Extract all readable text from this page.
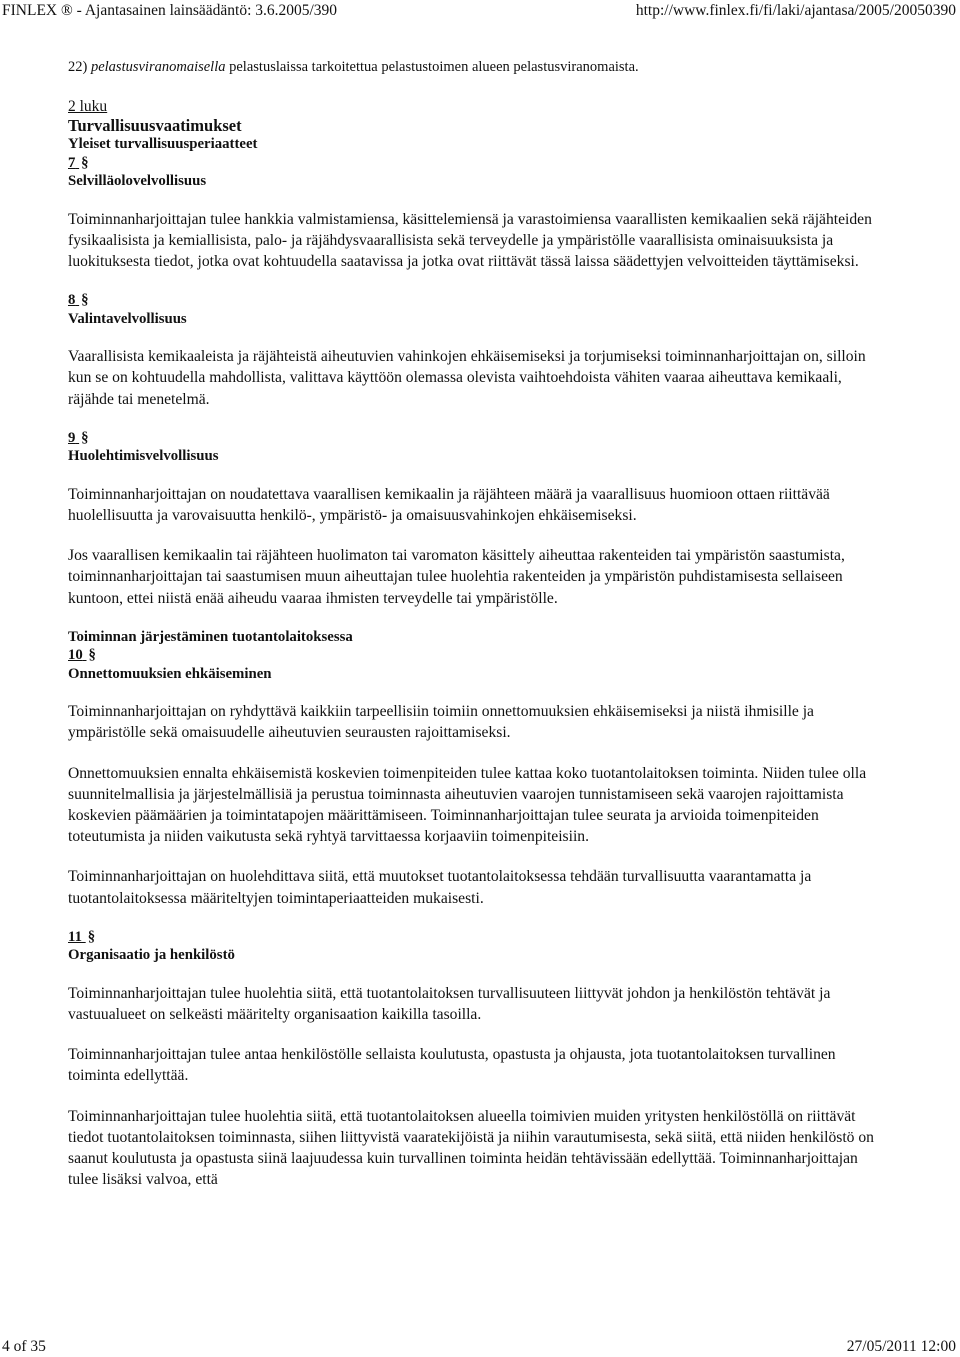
FINLEX ® - Ajantasainen lainsäädäntö: 3.6.2005/390	http://www.finlex.fi/fi/laki/ajantasa/2005/20050390

22) pelastusviranomaisella pelastuslaissa tarkoitettua pelastustoimen alueen pelastusviranomaista.

2 luku
Turvallisuusvaatimukset
Yleiset turvallisuusperiaatteet
7 §
Selvilläolovelvollisuus

Toiminnanharjoittajan tulee hankkia valmistamiensa, käsittelemiensä ja varastoimiensa vaarallisten kemikaalien sekä räjähteiden fysikaalisista ja kemiallisista, palo- ja räjähdysvaarallisista sekä terveydelle ja ympäristölle vaarallisista ominaisuuksista ja luokituksesta tiedot, jotka ovat kohtuudella saatavissa ja jotka ovat riittävät tässä laissa säädettyjen velvoitteiden täyttämiseksi.

8 §
Valintavelvollisuus

Vaarallisista kemikaaleista ja räjähteistä aiheutuvien vahinkojen ehkäisemiseksi ja torjumiseksi toiminnanharjoittajan on, silloin kun se on kohtuudella mahdollista, valittava käyttöön olemassa olevista vaihtoehdoista vähiten vaaraa aiheuttava kemikaali, räjähde tai menetelmä.

9 §
Huolehtimisvelvollisuus

Toiminnanharjoittajan on noudatettava vaarallisen kemikaalin ja räjähteen määrä ja vaarallisuus huomioon ottaen riittävää huolellisuutta ja varovaisuutta henkilö-, ympäristö- ja omaisuusvahinkojen ehkäisemiseksi.

Jos vaarallisen kemikaalin tai räjähteen huolimaton tai varomaton käsittely aiheuttaa rakenteiden tai ympäristön saastumista, toiminnanharjoittajan tai saastumisen muun aiheuttajan tulee huolehtia rakenteiden ja ympäristön puhdistamisesta sellaiseen kuntoon, ettei niistä enää aiheudu vaaraa ihmisten terveydelle tai ympäristölle.

Toiminnan järjestäminen tuotantolaitoksessa
10 §
Onnettomuuksien ehkäiseminen

Toiminnanharjoittajan on ryhdyttävä kaikkiin tarpeellisiin toimiin onnettomuuksien ehkäisemiseksi ja niistä ihmisille ja ympäristölle sekä omaisuudelle aiheutuvien seurausten rajoittamiseksi.

Onnettomuuksien ennalta ehkäisemistä koskevien toimenpiteiden tulee kattaa koko tuotantolaitoksen toiminta. Niiden tulee olla suunnitelmallisia ja järjestelmällisiä ja perustua toiminnasta aiheutuvien vaarojen tunnistamiseen sekä vaarojen rajoittamista koskevien päämäärien ja toimintatapojen määrittämiseen. Toiminnanharjoittajan tulee seurata ja arvioida toimenpiteiden toteutumista ja niiden vaikutusta sekä ryhtyä tarvittaessa korjaaviin toimenpiteisiin.

Toiminnanharjoittajan on huolehdittava siitä, että muutokset tuotantolaitoksessa tehdään turvallisuutta vaarantamatta ja tuotantolaitoksessa määriteltyjen toimintaperiaatteiden mukaisesti.

11 §
Organisaatio ja henkilöstö

Toiminnanharjoittajan tulee huolehtia siitä, että tuotantolaitoksen turvallisuuteen liittyvät johdon ja henkilöstön tehtävät ja vastuualueet on selkeästi määritelty organisaation kaikilla tasoilla.

Toiminnanharjoittajan tulee antaa henkilöstölle sellaista koulutusta, opastusta ja ohjausta, jota tuotantolaitoksen turvallinen toiminta edellyttää.

Toiminnanharjoittajan tulee huolehtia siitä, että tuotantolaitoksen alueella toimivien muiden yritysten henkilöstöllä on riittävät tiedot tuotantolaitoksen toiminnasta, siihen liittyvistä vaaratekijöistä ja niihin varautumisesta, sekä siitä, että niiden henkilöstö on saanut koulutusta ja opastusta siinä laajuudessa kuin turvallinen toiminta heidän tehtävissään edellyttää. Toiminnanharjoittajan tulee lisäksi valvoa, että

4 of 35	27/05/2011 12:00
